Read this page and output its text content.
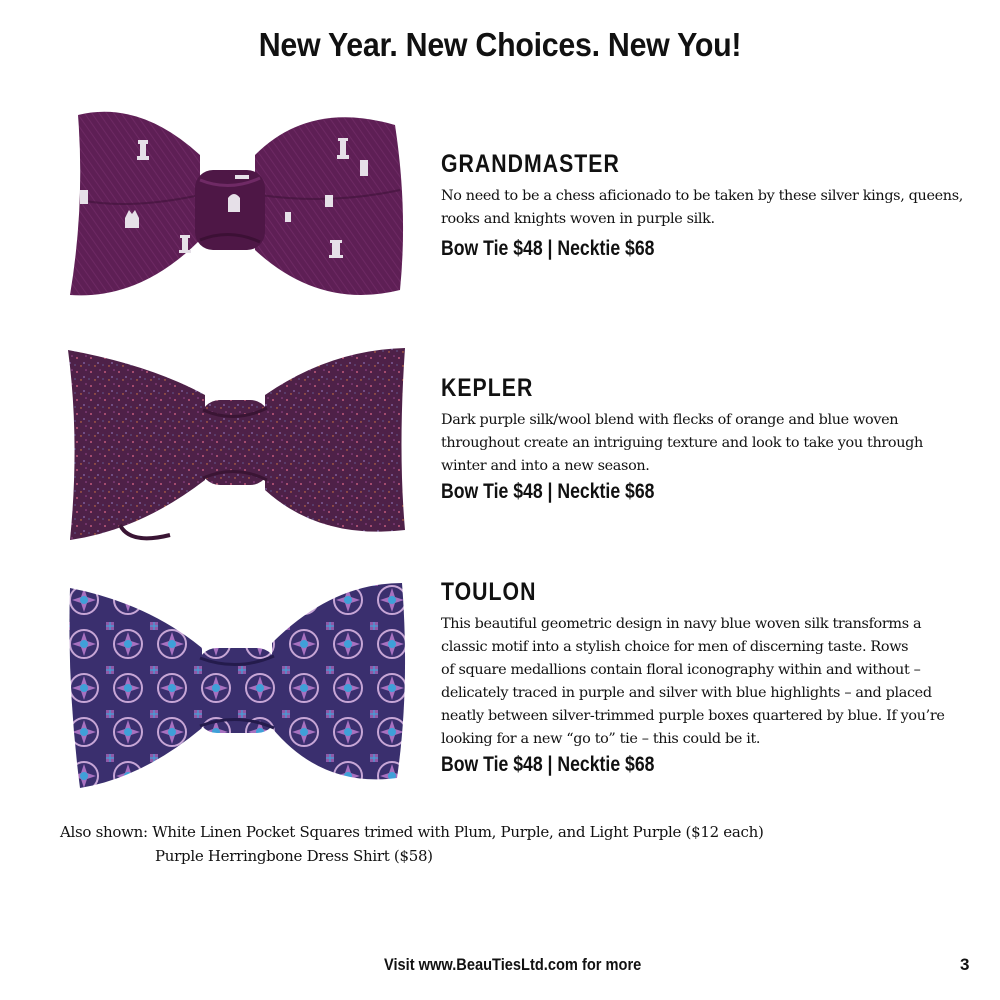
New Year. New Choices. New You!
GRANDMASTER
No need to be a chess aficionado to be taken by these silver kings, queens,
rooks and knights woven in purple silk.
Bow Tie $48 | Necktie $68
KEPLER
Dark purple silk/wool blend with flecks of orange and blue woven
throughout create an intriguing texture and look to take you through
winter and into a new season.
Bow Tie $48 | Necktie $68
TOULON
This beautiful geometric design in navy blue woven silk transforms a
classic motif into a stylish choice for men of discerning taste. Rows
of square medallions contain floral iconography within and without –
delicately traced in purple and silver with blue highlights – and placed
neatly between silver-trimmed purple boxes quartered by blue. If you’re
looking for a new “go to” tie – this could be it.
Bow Tie $48 | Necktie $68
Also shown: White Linen Pocket Squares trimed with Plum, Purple, and Light Purple ($12 each)
Purple Herringbone Dress Shirt ($58)
Visit www.BeauTiesLtd.com for more	3
